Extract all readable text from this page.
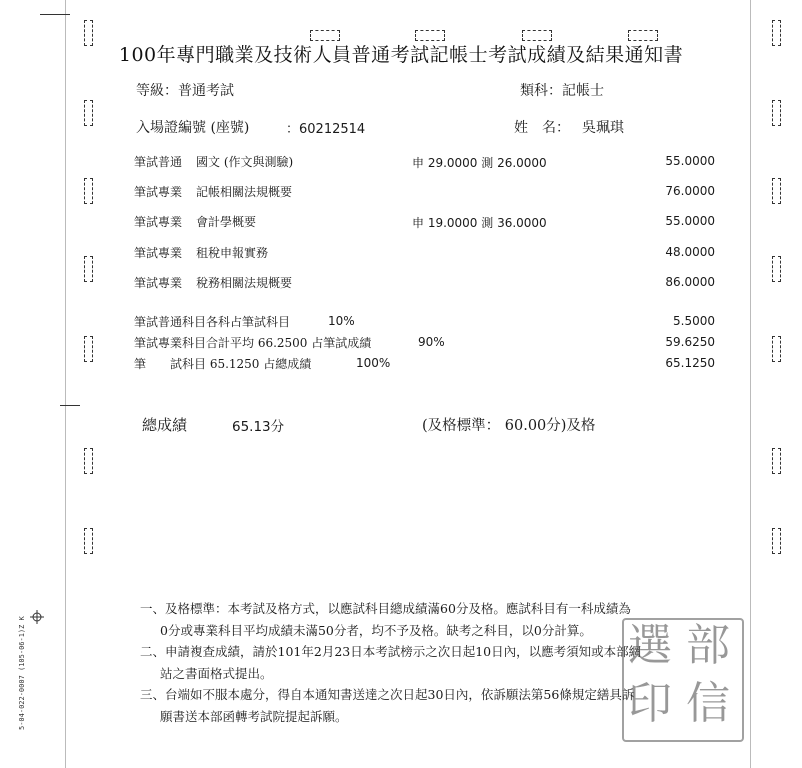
5-04-022-0007 (105-06-1)Z K
100年專門職業及技術人員普通考試記帳士考試成績及結果通知書
等級：普通考試	類科：記帳士
入場證編號 (座號)	：60212514	姓　名： 吳珮琪
筆試普通 國文 (作文與測驗)	申 29.0000 測 26.0000	55.0000
筆試專業 記帳相關法規概要	76.0000
筆試專業 會計學概要	申 19.0000 測 36.0000	55.0000
筆試專業 租稅申報實務	48.0000
筆試專業 稅務相關法規概要	86.0000
筆試普通科目各科占筆試科目	10%	5.5000
筆試專業科目合計平均 66.2500 占筆試成績	90%	59.6250
筆　　試科目 65.1250 占總成績	100%	65.1250
總成績	65.13分	(及格標準： 60.00分)及格
一、及格標準：本考試及格方式，以應試科目總成績滿60分及格。應試科目有一科成績為
0分或專業科目平均成績未滿50分者，均不予及格。缺考之科目，以0分計算。
二、申請複查成績，請於101年2月23日本考試榜示之次日起10日內，以應考須知或本部網
站之書面格式提出。
三、台端如不服本處分，得自本通知書送達之次日起30日內，依訴願法第56條規定繕具訴
願書送本部函轉考試院提起訴願。
選 部
印 信
